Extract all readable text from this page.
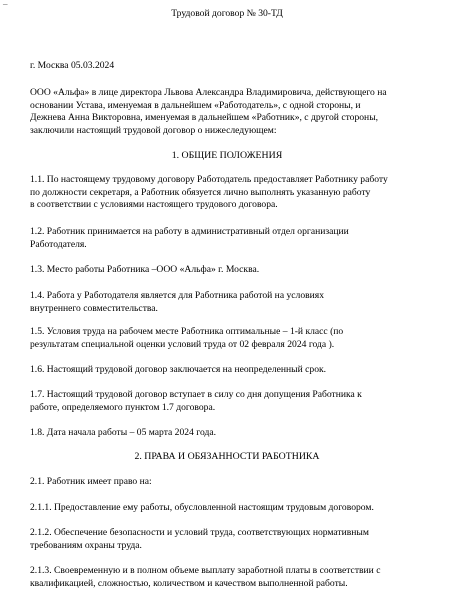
–
Трудовой договор № 30-ТД
г. Москва 05.03.2024
ООО «Альфа» в лице директора Львова Александра Владимировича, действующего на
основании Устава, именуемая в дальнейшем «Работодатель», с одной стороны, и
Дежнева Анна Викторовна, именуемая в дальнейшем «Работник», с другой стороны,
заключили настоящий трудовой договор о нижеследующем:
1. ОБЩИЕ ПОЛОЖЕНИЯ
1.1. По настоящему трудовому договору Работодатель предоставляет Работнику работу
по должности секретаря, а Работник обязуется лично выполнять указанную работу
в соответствии с условиями настоящего трудового договора.
1.2. Работник принимается на работу в административный отдел организации
Работодателя.
1.3. Место работы Работника –ООО «Альфа» г. Москва.
1.4. Работа у Работодателя является для Работника работой на условиях
внутреннего совместительства.
1.5. Условия труда на рабочем месте Работника оптимальные – 1-й класс (по
результатам специальной оценки условий труда от 02 февраля 2024 года ).
1.6. Настоящий трудовой договор заключается на неопределенный срок.
1.7. Настоящий трудовой договор вступает в силу со дня допущения Работника к
работе, определяемого пунктом 1.7 договора.
1.8. Дата начала работы – 05 марта 2024 года.
2. ПРАВА И ОБЯЗАННОСТИ РАБОТНИКА
2.1. Работник имеет право на:
2.1.1. Предоставление ему работы, обусловленной настоящим трудовым договором.
2.1.2. Обеспечение безопасности и условий труда, соответствующих нормативным
требованиям охраны труда.
2.1.3. Своевременную и в полном объеме выплату заработной платы в соответствии с
квалификацией, сложностью, количеством и качеством выполненной работы.
